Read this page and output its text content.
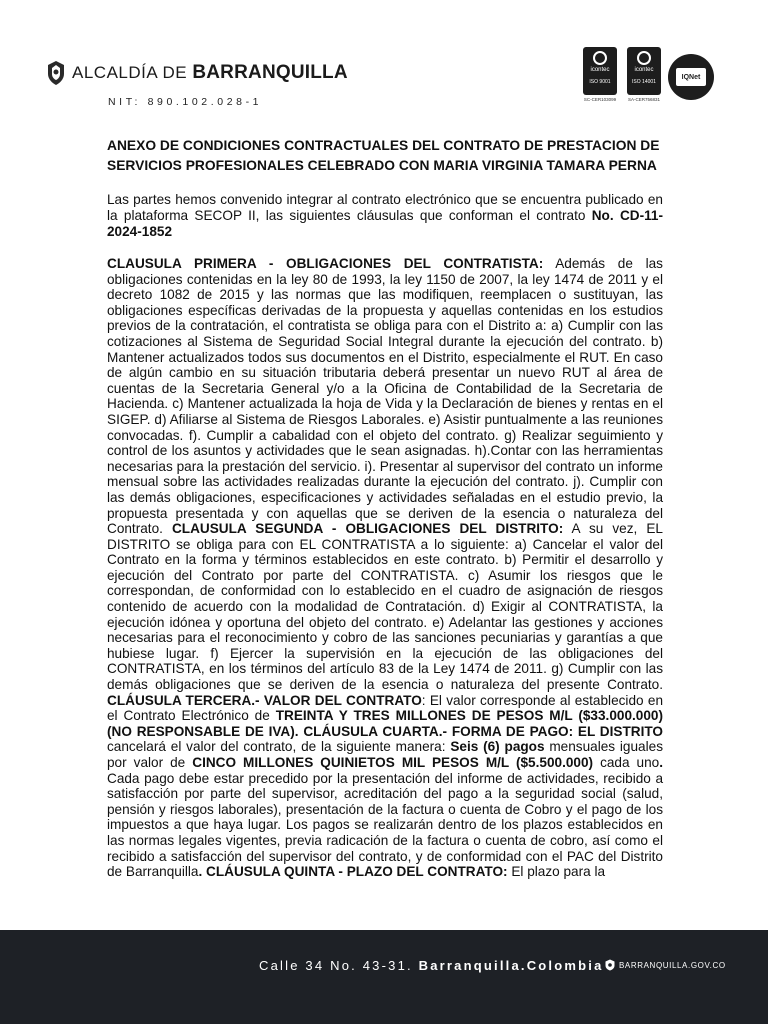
ALCALDÍA DE BARRANQUILLA
NIT: 890.102.028-1
icontec
ISO 9001
SC-CER103099
icontec
ISO 14001
SA-CER756831
IQNet

ANEXO DE CONDICIONES CONTRACTUALES DEL CONTRATO DE PRESTACION DE SERVICIOS PROFESIONALES CELEBRADO CON MARIA VIRGINIA TAMARA PERNA

Las partes hemos convenido integrar al contrato electrónico que se encuentra publicado en la plataforma SECOP II, las siguientes cláusulas que conforman el contrato No. CD-11-2024-1852

CLAUSULA PRIMERA - OBLIGACIONES DEL CONTRATISTA: Además de las obligaciones contenidas en la ley 80 de 1993, la ley 1150 de 2007, la ley 1474 de 2011 y el decreto 1082 de 2015 y las normas que las modifiquen, reemplacen o sustituyan, las obligaciones específicas derivadas de la propuesta y aquellas contenidas en los estudios previos de la contratación, el contratista se obliga para con el Distrito a: a) Cumplir con las cotizaciones al Sistema de Seguridad Social Integral durante la ejecución del contrato. b) Mantener actualizados todos sus documentos en el Distrito, especialmente el RUT. En caso de algún cambio en su situación tributaria deberá presentar un nuevo RUT al área de cuentas de la Secretaria General y/o a la Oficina de Contabilidad de la Secretaria de Hacienda. c) Mantener actualizada la hoja de Vida y la Declaración de bienes y rentas en el SIGEP. d) Afiliarse al Sistema de Riesgos Laborales. e) Asistir puntualmente a las reuniones convocadas. f). Cumplir a cabalidad con el objeto del contrato. g) Realizar seguimiento y control de los asuntos y actividades que le sean asignadas. h).Contar con las herramientas necesarias para la prestación del servicio. i). Presentar al supervisor del contrato un informe mensual sobre las actividades realizadas durante la ejecución del contrato. j). Cumplir con las demás obligaciones, especificaciones y actividades señaladas en el estudio previo, la propuesta presentada y con aquellas que se deriven de la esencia o naturaleza del Contrato. CLAUSULA SEGUNDA - OBLIGACIONES DEL DISTRITO: A su vez, EL DISTRITO se obliga para con EL CONTRATISTA a lo siguiente: a) Cancelar el valor del Contrato en la forma y términos establecidos en este contrato. b) Permitir el desarrollo y ejecución del Contrato por parte del CONTRATISTA. c) Asumir los riesgos que le correspondan, de conformidad con lo establecido en el cuadro de asignación de riesgos contenido de acuerdo con la modalidad de Contratación. d) Exigir al CONTRATISTA, la ejecución idónea y oportuna del objeto del contrato. e) Adelantar las gestiones y acciones necesarias para el reconocimiento y cobro de las sanciones pecuniarias y garantías a que hubiese lugar. f) Ejercer la supervisión en la ejecución de las obligaciones del CONTRATISTA, en los términos del artículo 83 de la Ley 1474 de 2011. g) Cumplir con las demás obligaciones que se deriven de la esencia o naturaleza del presente Contrato. CLÁUSULA TERCERA.- VALOR DEL CONTRATO: El valor corresponde al establecido en el Contrato Electrónico de TREINTA Y TRES MILLONES DE PESOS M/L ($33.000.000) (NO RESPONSABLE DE IVA). CLÁUSULA CUARTA.- FORMA DE PAGO: EL DISTRITO cancelará el valor del contrato, de la siguiente manera: Seis (6) pagos mensuales iguales por valor de CINCO MILLONES QUINIETOS MIL PESOS M/L ($5.500.000) cada uno. Cada pago debe estar precedido por la presentación del informe de actividades, recibido a satisfacción por parte del supervisor, acreditación del pago a la seguridad social (salud, pensión y riesgos laborales), presentación de la factura o cuenta de Cobro y el pago de los impuestos a que haya lugar. Los pagos se realizarán dentro de los plazos establecidos en las normas legales vigentes, previa radicación de la factura o cuenta de cobro, así como el recibido a satisfacción del supervisor del contrato, y de conformidad con el PAC del Distrito de Barranquilla. CLÁUSULA QUINTA - PLAZO DEL CONTRATO: El plazo para la

Calle 34 No. 43-31. Barranquilla.Colombia BARRANQUILLA.GOV.CO
